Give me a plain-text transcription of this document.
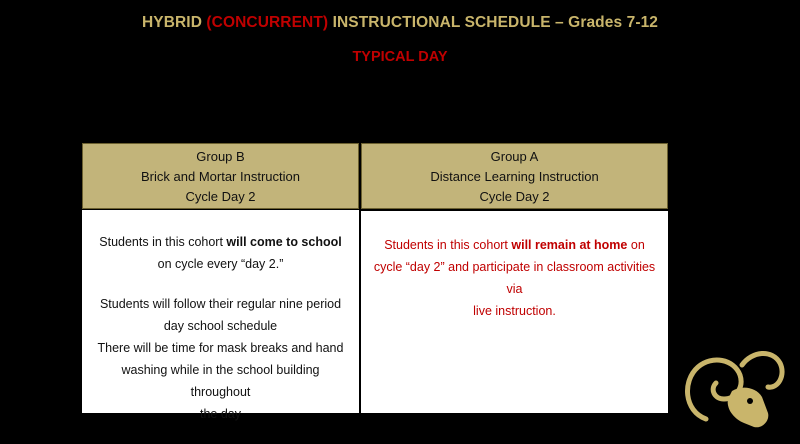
HYBRID (CONCURRENT) INSTRUCTIONAL SCHEDULE – Grades 7-12
TYPICAL DAY
Group B
Brick and Mortar Instruction
Cycle Day 2
Group A
Distance Learning Instruction
Cycle Day 2

Students in this cohort will come to school

on cycle every “day 2.”

Students will follow their regular nine period

day school schedule

There will be time for mask breaks and hand

washing while in the school building throughout

the day

Students in this cohort will remain at home on

cycle “day 2” and participate in classroom activities via

live instruction.
